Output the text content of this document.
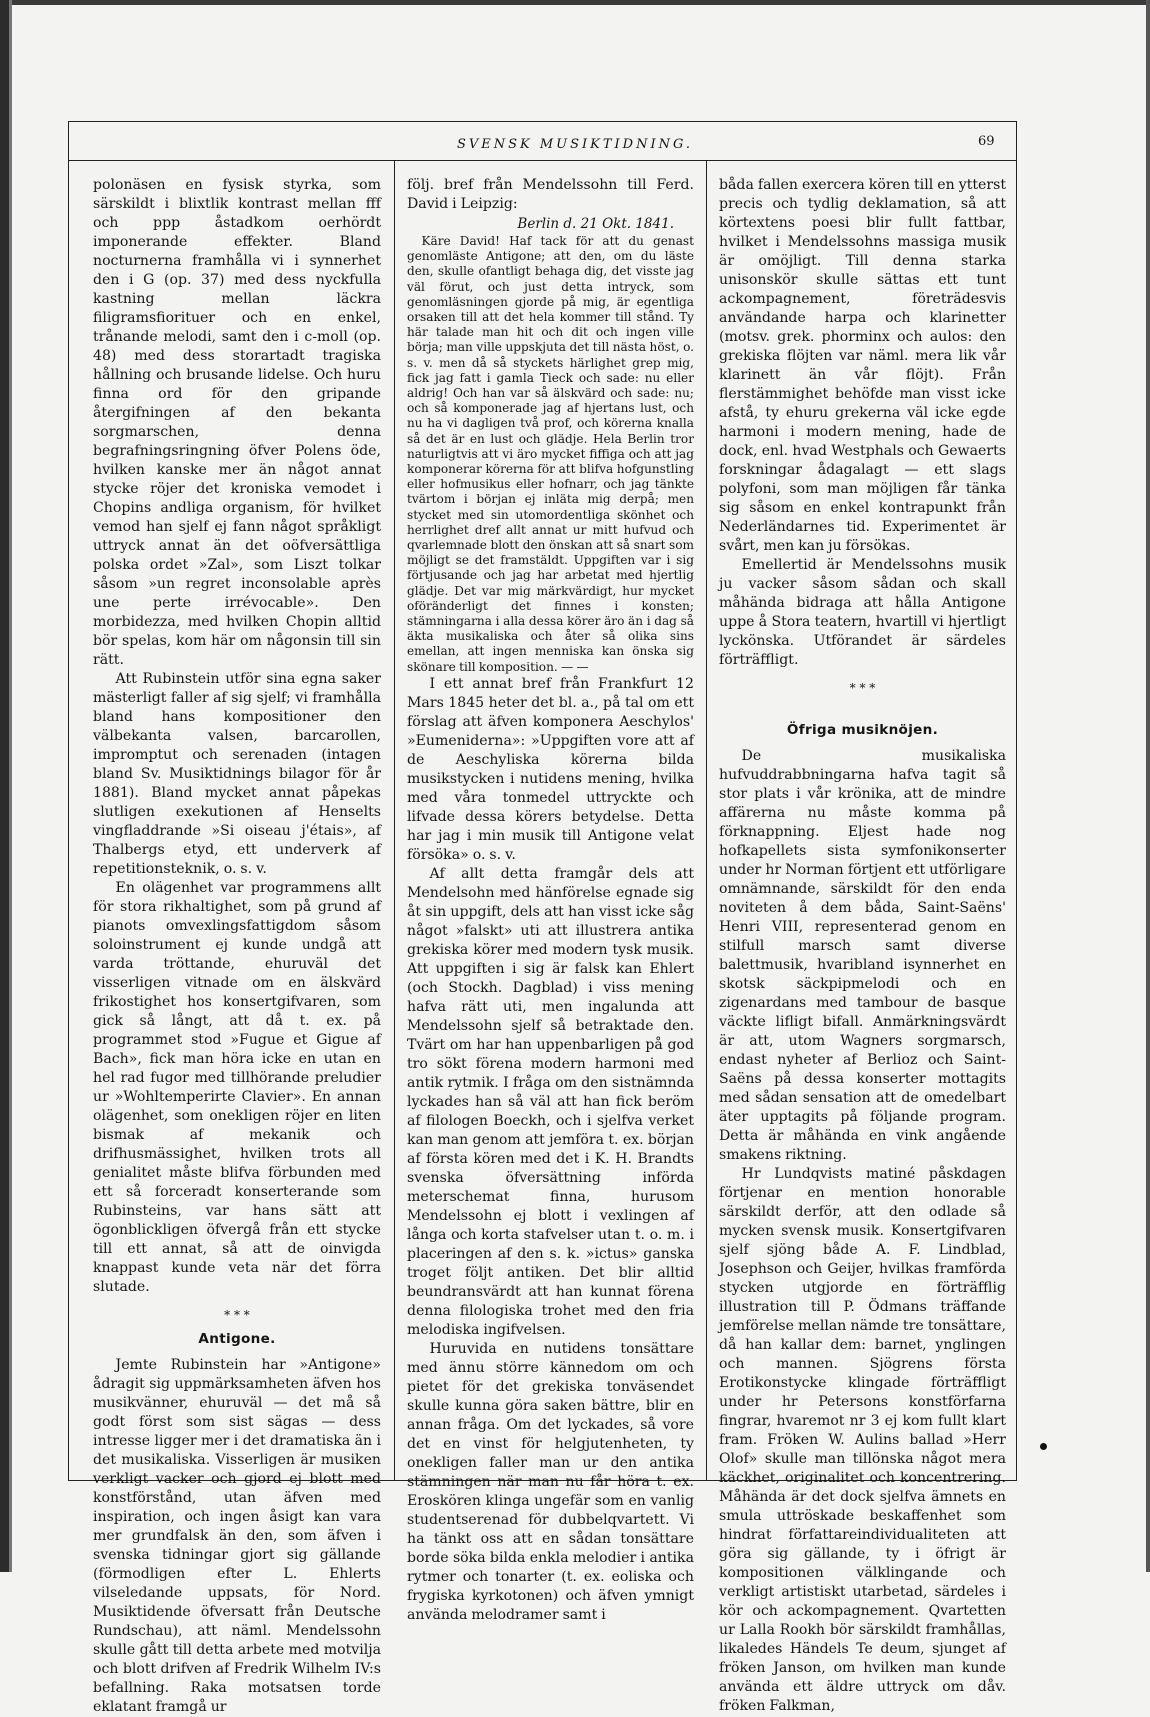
SVENSK MUSIKTIDNING.	69

polonäsen en fysisk styrka, som särskildt i blixtlik kontrast mellan fff och ppp åstadkom oerhördt imponerande effekter. Bland nocturnerna framhålla vi i synnerhet den i G (op. 37) med dess nyckfulla kastning mellan läckra filigramsfiorituer och en enkel, trånande melodi, samt den i c-moll (op. 48) med dess storartadt tragiska hållning och brusande lidelse. Och huru finna ord för den gripande återgifningen af den bekanta sorgmarschen, denna begrafningsringning öfver Polens öde, hvilken kanske mer än något annat stycke röjer det kroniska vemodet i Chopins andliga organism, för hvilket vemod han sjelf ej fann något språkligt uttryck annat än det oöfversättliga polska ordet »Zal», som Liszt tolkar såsom »un regret inconsolable après une perte irrévocable». Den morbidezza, med hvilken Chopin alltid bör spelas, kom här om någonsin till sin rätt.

Att Rubinstein utför sina egna saker mästerligt faller af sig sjelf; vi framhålla bland hans kompositioner den välbekanta valsen, barcarollen, impromptut och serenaden (intagen bland Sv. Musiktidnings bilagor för år 1881). Bland mycket annat påpekas slutligen exekutionen af Henselts vingfladdrande »Si oiseau j'étais», af Thalbergs etyd, ett underverk af repetitionsteknik, o. s. v.

En olägenhet var programmens allt för stora rikhaltighet, som på grund af pianots omvexlingsfattigdom såsom soloinstrument ej kunde undgå att varda tröttande, ehuruväl det visserligen vitnade om en älskvärd frikostighet hos konsertgifvaren, som gick så långt, att då t. ex. på programmet stod »Fugue et Gigue af Bach», fick man höra icke en utan en hel rad fugor med tillhörande preludier ur »Wohltemperirte Clavier». En annan olägenhet, som onekligen röjer en liten bismak af mekanik och drifhusmässighet, hvilken trots all genialitet måste blifva förbunden med ett så forceradt konserterande som Rubinsteins, var hans sätt att ögonblickligen öfvergå från ett stycke till ett annat, så att de oinvigda knappast kunde veta när det förra slutade.

* * *
Antigone.

Jemte Rubinstein har »Antigone» ådragit sig uppmärksamheten äfven hos musikvänner, ehuruväl — det må så godt först som sist sägas — dess intresse ligger mer i det dramatiska än i det musikaliska. Visserligen är musiken verkligt vacker och gjord ej blott med konstförstånd, utan äfven med inspiration, och ingen åsigt kan vara mer grundfalsk än den, som äfven i svenska tidningar gjort sig gällande (förmodligen efter L. Ehlerts vilseledande uppsats, för Nord. Musiktidende öfversatt från Deutsche Rundschau), att näml. Mendelssohn skulle gått till detta arbete med motvilja och blott drifven af Fredrik Wilhelm IV:s befallning. Raka motsatsen torde eklatant framgå ur

följ. bref från Mendelssohn till Ferd. David i Leipzig:

Berlin d. 21 Okt. 1841.

Käre David! Haf tack för att du genast genomläste Antigone; att den, om du läste den, skulle ofantligt behaga dig, det visste jag väl förut, och just detta intryck, som genomläsningen gjorde på mig, är egentliga orsaken till att det hela kommer till stånd. Ty här talade man hit och dit och ingen ville börja; man ville uppskjuta det till nästa höst, o. s. v. men då så styckets härlighet grep mig, fick jag fatt i gamla Tieck och sade: nu eller aldrig! Och han var så älskvärd och sade: nu; och så komponerade jag af hjertans lust, och nu ha vi dagligen två prof, och körerna knalla så det är en lust och glädje. Hela Berlin tror naturligtvis att vi äro mycket fiffiga och att jag komponerar körerna för att blifva hofgunstling eller hofmusikus eller hofnarr, och jag tänkte tvärtom i början ej inläta mig derpå; men stycket med sin utomordentliga skönhet och herrlighet dref allt annat ur mitt hufvud och qvarlemnade blott den önskan att så snart som möjligt se det framstäldt. Uppgiften var i sig förtjusande och jag har arbetat med hjertlig glädje. Det var mig märkvärdigt, hur mycket oföränderligt det finnes i konsten; stämningarna i alla dessa körer äro än i dag så äkta musikaliska och åter så olika sins emellan, att ingen menniska kan önska sig skönare till komposition. — —

I ett annat bref från Frankfurt 12 Mars 1845 heter det bl. a., på tal om ett förslag att äfven komponera Aeschylos' »Eumeniderna»: »Uppgiften vore att af de Aeschyliska körerna bilda musikstycken i nutidens mening, hvilka med våra tonmedel uttryckte och lifvade dessa körers betydelse. Detta har jag i min musik till Antigone velat försöka» o. s. v.

Af allt detta framgår dels att Mendelsohn med hänförelse egnade sig åt sin uppgift, dels att han visst icke såg något »falskt» uti att illustrera antika grekiska körer med modern tysk musik. Att uppgiften i sig är falsk kan Ehlert (och Stockh. Dagblad) i viss mening hafva rätt uti, men ingalunda att Mendelssohn sjelf så betraktade den. Tvärt om har han uppenbarligen på god tro sökt förena modern harmoni med antik rytmik. I fråga om den sistnämnda lyckades han så väl att han fick beröm af filologen Boeckh, och i sjelfva verket kan man genom att jemföra t. ex. början af första kören med det i K. H. Brandts svenska öfversättning införda meterschemat finna, hurusom Mendelssohn ej blott i vexlingen af långa och korta stafvelser utan t. o. m. i placeringen af den s. k. »ictus» ganska troget följt antiken. Det blir alltid beundransvärdt att han kunnat förena denna filologiska trohet med den fria melodiska ingifvelsen.

Huruvida en nutidens tonsättare med ännu större kännedom om och pietet för det grekiska tonväsendet skulle kunna göra saken bättre, blir en annan fråga. Om det lyckades, så vore det en vinst för helgjutenheten, ty onekligen faller man ur den antika stämningen när man nu får höra t. ex. Eroskören klinga ungefär som en vanlig studentserenad för dubbelqvartett. Vi ha tänkt oss att en sådan tonsättare borde söka bilda enkla melodier i antika rytmer och tonarter (t. ex. eoliska och frygiska kyrkotonen) och äfven ymnigt använda melodramer samt i

båda fallen exercera kören till en ytterst precis och tydlig deklamation, så att körtextens poesi blir fullt fattbar, hvilket i Mendelssohns massiga musik är omöjligt. Till denna starka unisonskör skulle sättas ett tunt ackompagnement, företrädesvis användande harpa och klarinetter (motsv. grek. phorminx och aulos: den grekiska flöjten var näml. mera lik vår klarinett än vår flöjt). Från flerstämmighet behöfde man visst icke afstå, ty ehuru grekerna väl icke egde harmoni i modern mening, hade de dock, enl. hvad Westphals och Gewaerts forskningar ådagalagt — ett slags polyfoni, som man möjligen får tänka sig såsom en enkel kontrapunkt från Nederländarnes tid. Experimentet är svårt, men kan ju försökas.

Emellertid är Mendelssohns musik ju vacker såsom sådan och skall måhända bidraga att hålla Antigone uppe å Stora teatern, hvartill vi hjertligt lyckönska. Utförandet är särdeles förträffligt.

* * *
Öfriga musiknöjen.

De musikaliska hufvuddrabbningarna hafva tagit så stor plats i vår krönika, att de mindre affärerna nu måste komma på förknappning. Eljest hade nog hofkapellets sista symfonikonserter under hr Norman förtjent ett utförligare omnämnande, särskildt för den enda noviteten å dem båda, Saint-Saëns' Henri VIII, representerad genom en stilfull marsch samt diverse balettmusik, hvaribland isynnerhet en skotsk säckpipmelodi och en zigenardans med tambour de basque väckte lifligt bifall. Anmärkningsvärdt är att, utom Wagners sorgmarsch, endast nyheter af Berlioz och Saint-Saëns på dessa konserter mottagits med sådan sensation att de omedelbart äter upptagits på följande program. Detta är måhända en vink angående smakens riktning.

Hr Lundqvists matiné påskdagen förtjenar en mention honorable särskildt derför, att den odlade så mycken svensk musik. Konsertgifvaren sjelf sjöng både A. F. Lindblad, Josephson och Geijer, hvilkas framförda stycken utgjorde en förträfflig illustration till P. Ödmans träffande jemförelse mellan nämde tre tonsättare, då han kallar dem: barnet, ynglingen och mannen. Sjögrens första Erotikonstycke klingade förträffligt under hr Petersons konstförfarna fingrar, hvaremot nr 3 ej kom fullt klart fram. Fröken W. Aulins ballad »Herr Olof» skulle man tillönska något mera käckhet, originalitet och koncentrering. Måhända är det dock sjelfva ämnets en smula uttröskade beskaffenhet som hindrat författareindividualiteten att göra sig gällande, ty i öfrigt är kompositionen välklingande och verkligt artistiskt utarbetad, särdeles i kör och ackompagnement. Qvartetten ur Lalla Rookh bör särskildt framhållas, likaledes Händels Te deum, sjunget af fröken Janson, om hvilken man kunde använda ett äldre uttryck om dåv. fröken Falkman,
